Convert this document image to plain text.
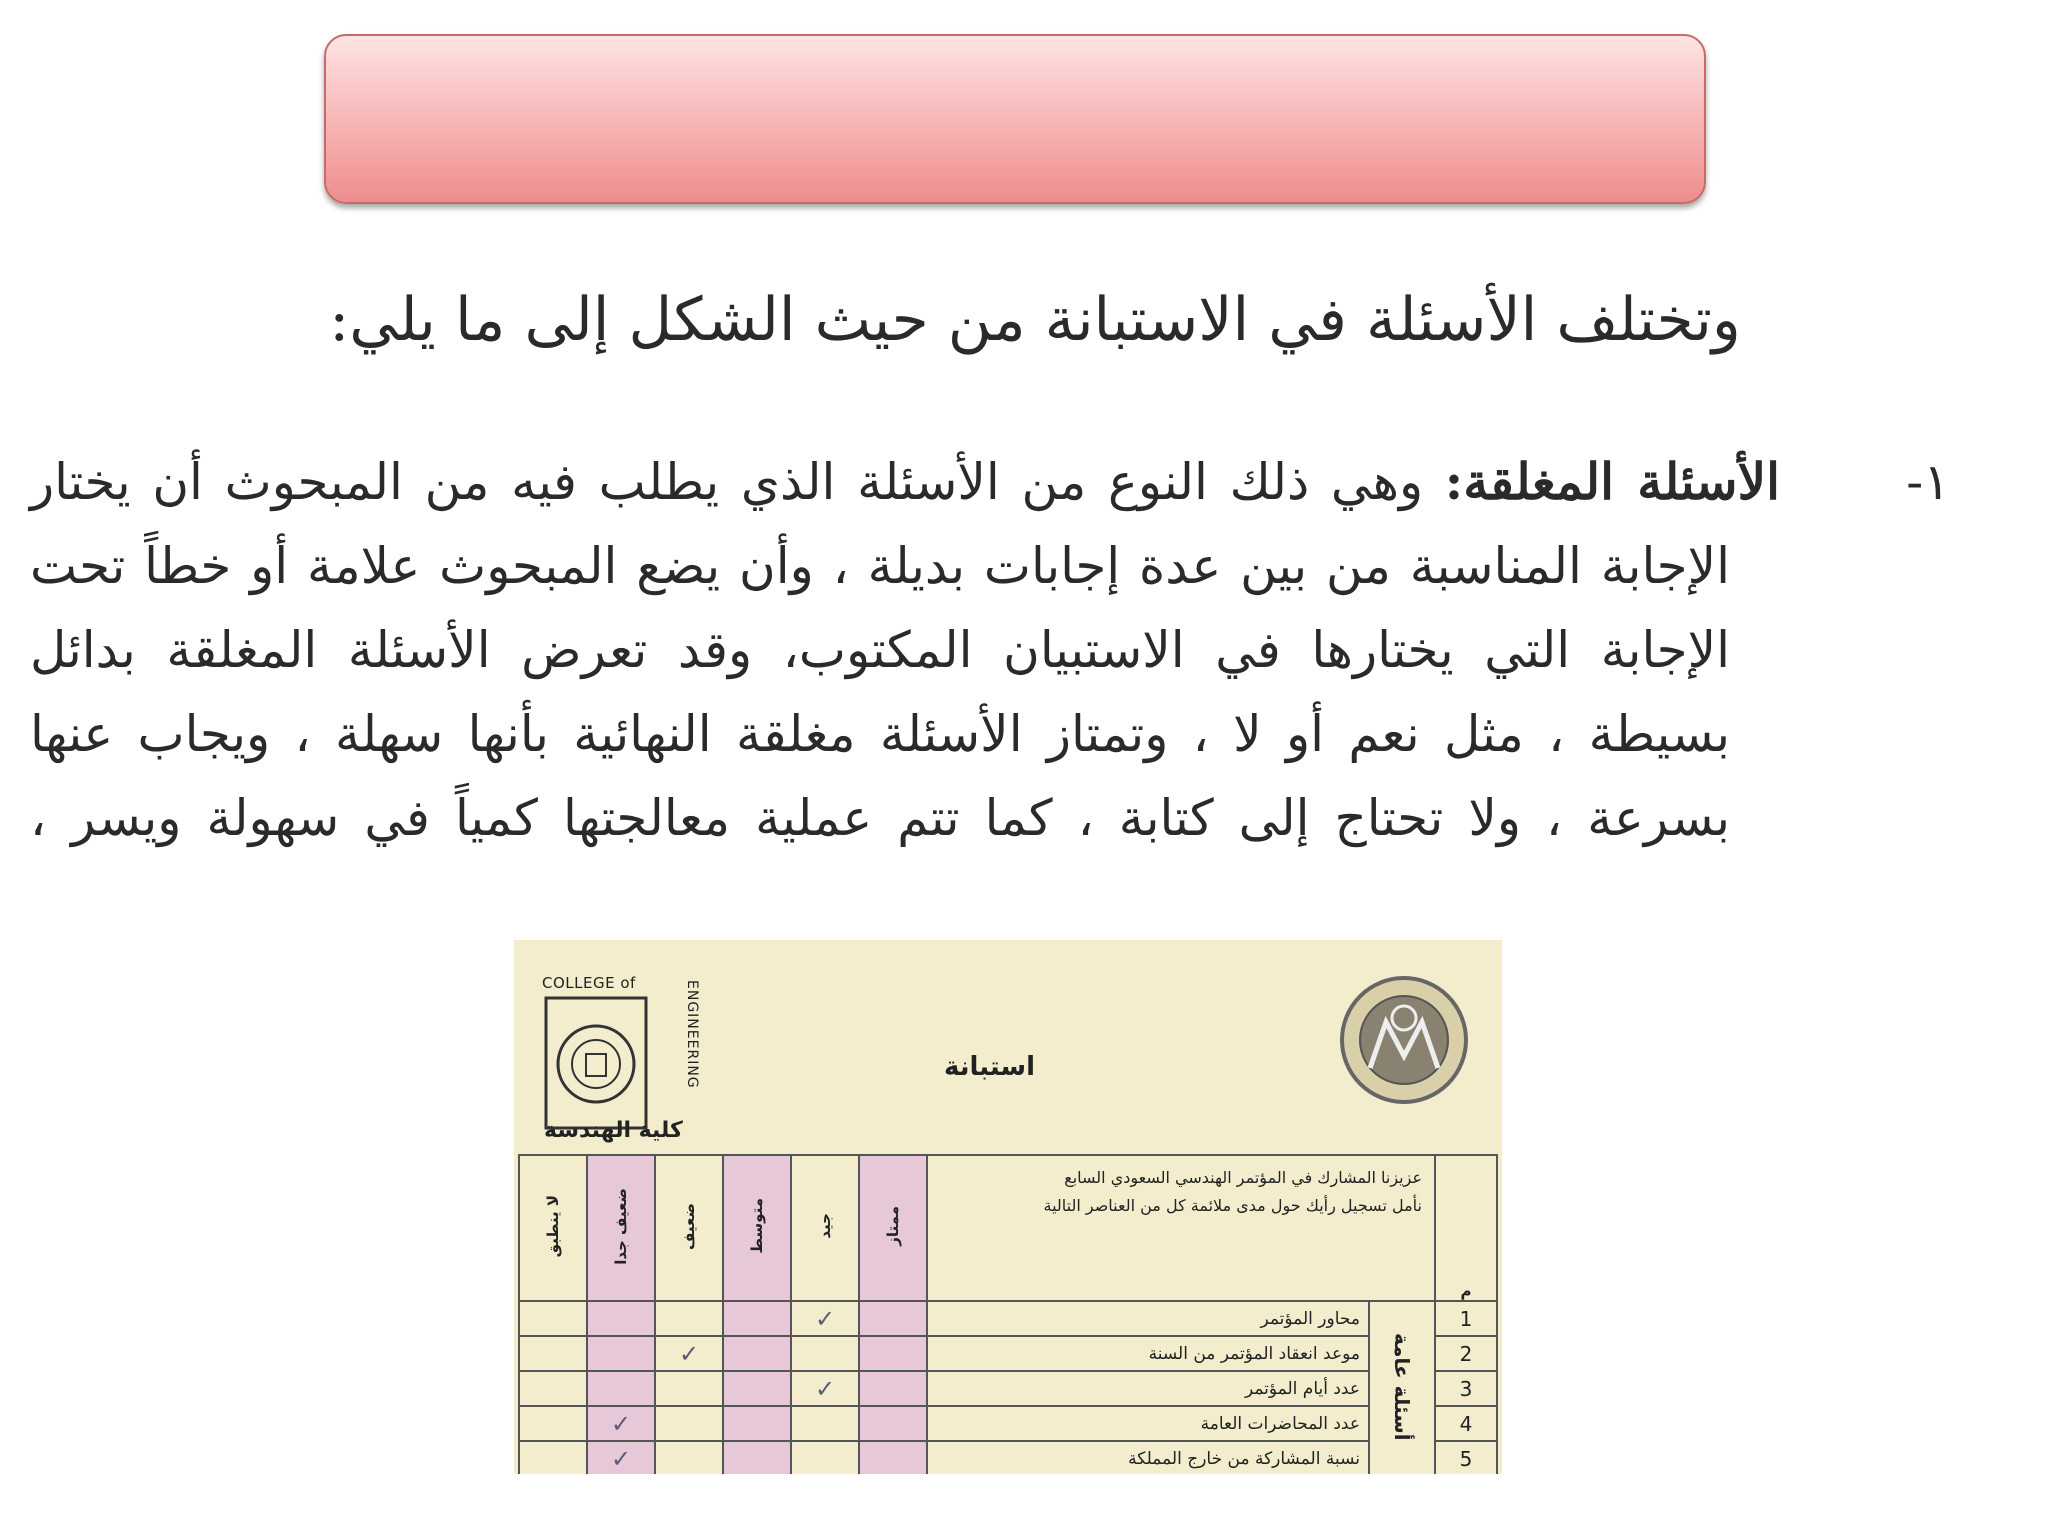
وتختلف الأسئلة في الاستبانة من حيث الشكل إلى ما يلي:
١-الأسئلة المغلقة: وهي ذلك النوع من الأسئلة الذي يطلب فيه من المبحوث أن يختار
الإجابة المناسبة من بين عدة إجابات بديلة ، وأن يضع المبحوث علامة أو خطاً تحت
الإجابة التي يختارها في الاستبيان المكتوب، وقد تعرض الأسئلة المغلقة بدائل
بسيطة ، مثل نعم أو لا ، وتمتاز الأسئلة مغلقة النهائية بأنها سهلة ، ويجاب عنها
بسرعة ، ولا تحتاج إلى كتابة ، كما تتم عملية معالجتها كمياً في سهولة ويسر ،
COLLEGE of	ENGINEERING
كلية الهندسة
استبانة
لا ينطبق	ضعيف جدا	ضعيف	متوسط	جيد	ممتاز	عزيزنا المشارك في المؤتمر الهندسي السعودي السابع
نأمل تسجيل رأيك حول مدى ملائمة كل من العناصر التالية		م
				✓		محاور المؤتمر	أسئلة عامة	1
		✓				موعد انعقاد المؤتمر من السنة		2
				✓		عدد أيام المؤتمر		3
	✓					عدد المحاضرات العامة		4
	✓					نسبة المشاركة من خارج المملكة		5
